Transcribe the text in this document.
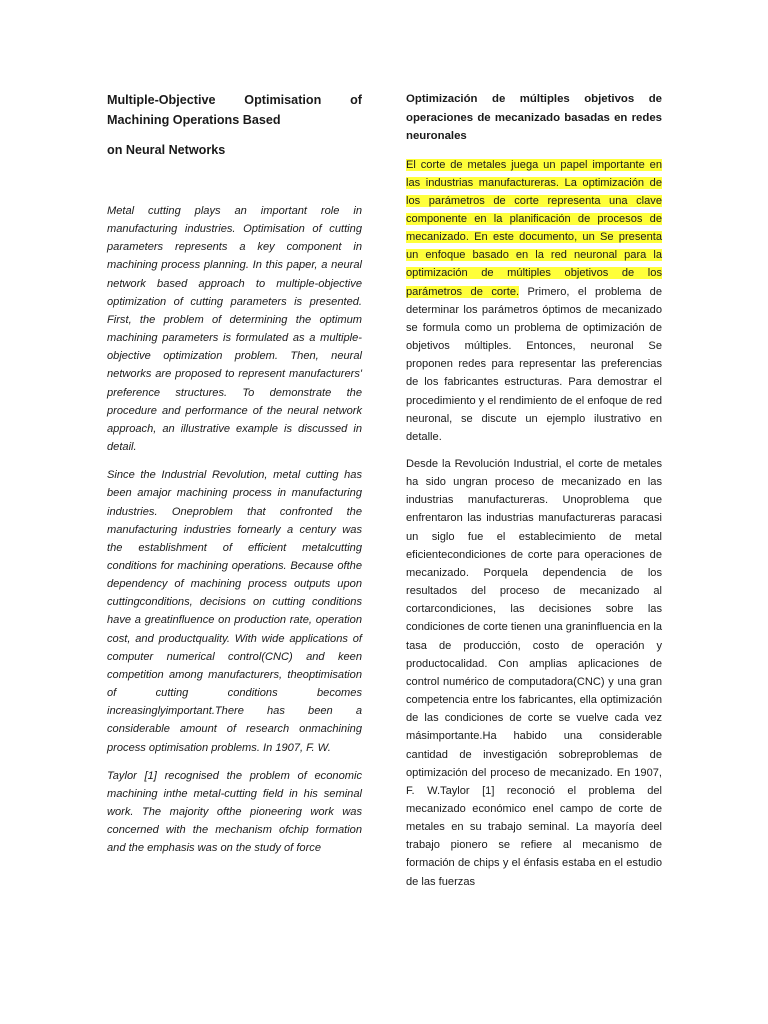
Multiple-Objective Optimisation of Machining Operations Based

on Neural Networks

Metal cutting plays an important role in manufacturing industries. Optimisation of cutting parameters represents a key component in machining process planning. In this paper, a neural network based approach to multiple-objective optimization of cutting parameters is presented. First, the problem of determining the optimum machining parameters is formulated as a multiple-objective optimization problem. Then, neural networks are proposed to represent manufacturers' preference structures. To demonstrate the procedure and performance of the neural network approach, an illustrative example is discussed in detail.

Since the Industrial Revolution, metal cutting has been amajor machining process in manufacturing industries. Oneproblem that confronted the manufacturing industries fornearly a century was the establishment of efficient metalcutting conditions for machining operations. Because ofthe dependency of machining process outputs upon cuttingconditions, decisions on cutting conditions have a greatinfluence on production rate, operation cost, and productquality. With wide applications of computer numerical control(CNC) and keen competition among manufacturers, theoptimisation of cutting conditions becomes increasinglyimportant.There has been a considerable amount of research onmachining process optimisation problems. In 1907, F. W.

Taylor [1] recognised the problem of economic machining inthe metal-cutting field in his seminal work. The majority ofthe pioneering work was concerned with the mechanism ofchip formation and the emphasis was on the study of force

Optimización de múltiples objetivos de operaciones de mecanizado basadas en redes neuronales

El corte de metales juega un papel importante en las industrias manufactureras. La optimización de los parámetros de corte representa una clave componente en la planificación de procesos de mecanizado. En este documento, un Se presenta un enfoque basado en la red neuronal para la optimización de múltiples objetivos de los parámetros de corte. Primero, el problema de determinar los parámetros óptimos de mecanizado se formula como un problema de optimización de objetivos múltiples. Entonces, neuronal Se proponen redes para representar las preferencias de los fabricantes estructuras. Para demostrar el procedimiento y el rendimiento de el enfoque de red neuronal, se discute un ejemplo ilustrativo en detalle.

Desde la Revolución Industrial, el corte de metales ha sido ungran proceso de mecanizado en las industrias manufactureras. Unoproblema que enfrentaron las industrias manufactureras paracasi un siglo fue el establecimiento de metal eficientecondiciones de corte para operaciones de mecanizado. Porquela dependencia de los resultados del proceso de mecanizado al cortarcondiciones, las decisiones sobre las condiciones de corte tienen una graninfluencia en la tasa de producción, costo de operación y productocalidad. Con amplias aplicaciones de control numérico de computadora(CNC) y una gran competencia entre los fabricantes, ella optimización de las condiciones de corte se vuelve cada vez másimportante.Ha habido una considerable cantidad de investigación sobreproblemas de optimización del proceso de mecanizado. En 1907, F. W.Taylor [1] reconoció el problema del mecanizado económico enel campo de corte de metales en su trabajo seminal. La mayoría deel trabajo pionero se refiere al mecanismo de formación de chips y el énfasis estaba en el estudio de las fuerzas
